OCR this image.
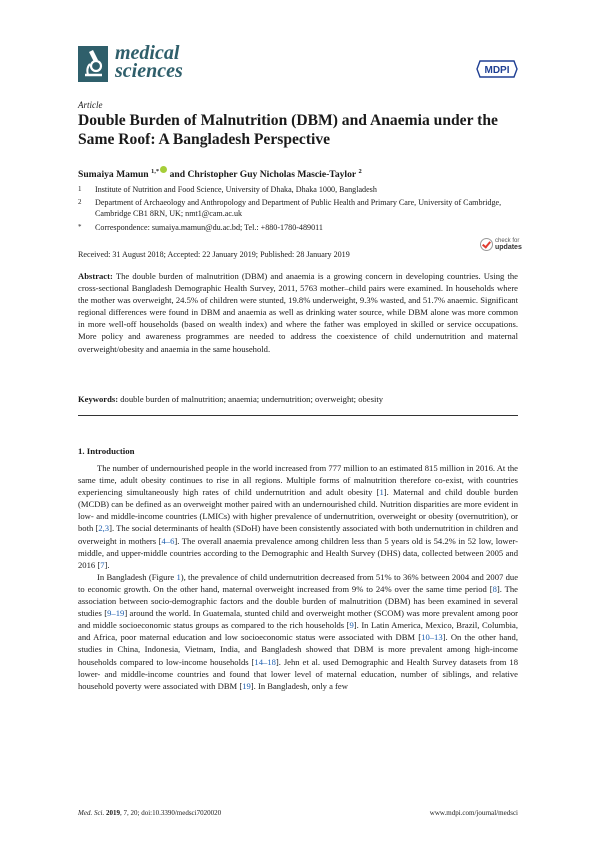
medical
sciences	MDPI
Article
Double Burden of Malnutrition (DBM) and Anaemia under the Same Roof: A Bangladesh Perspective
Sumaiya Mamun $^{1,*}$ and Christopher Guy Nicholas Mascie-Taylor $^2$
1	Institute of Nutrition and Food Science, University of Dhaka, Dhaka 1000, Bangladesh
2	Department of Archaeology and Anthropology and Department of Public Health and Primary Care, University of Cambridge, Cambridge CB1 8RN, UK; nmt1@cam.ac.uk
*	Correspondence: sumaiya.mamun@du.ac.bd; Tel.: +880-1780-489011
Received: 31 August 2018; Accepted: 22 January 2019; Published: 28 January 2019
check for
updates
Abstract: The double burden of malnutrition (DBM) and anaemia is a growing concern in developing countries. Using the cross-sectional Bangladesh Demographic Health Survey, 2011, 5763 mother–child pairs were examined. In households where the mother was overweight, 24.5% of children were stunted, 19.8% underweight, 9.3% wasted, and 51.7% anaemic. Significant regional differences were found in DBM and anaemia as well as drinking water source, while DBM alone was more common in more well-off households (based on wealth index) and where the father was employed in skilled or service occupations. More policy and awareness programmes are needed to address the coexistence of child undernutrition and maternal overweight/obesity and anaemia in the same household.
Keywords: double burden of malnutrition; anaemia; undernutrition; overweight; obesity
1. Introduction

The number of undernourished people in the world increased from 777 million to an estimated 815 million in 2016. At the same time, adult obesity continues to rise in all regions. Multiple forms of malnutrition therefore co-exist, with countries experiencing simultaneously high rates of child undernutrition and adult obesity [1]. Maternal and child double burden (MCDB) can be defined as an overweight mother paired with an undernourished child. Nutrition disparities are more evident in low- and middle-income countries (LMICs) with higher prevalence of undernutrition, overweight or obesity (overnutrition), or both [2,3]. The social determinants of health (SDoH) have been consistently associated with both undernutrition in children and overweight in mothers [4–6]. The overall anaemia prevalence among children less than 5 years old is 54.2% in 52 low, lower-middle, and upper-middle countries according to the Demographic and Health Survey (DHS) data, collected between 2005 and 2016 [7].

In Bangladesh (Figure 1), the prevalence of child undernutrition decreased from 51% to 36% between 2004 and 2007 due to economic growth. On the other hand, maternal overweight increased from 9% to 24% over the same time period [8]. The association between socio-demographic factors and the double burden of malnutrition (DBM) has been examined in several studies [9–19] around the world. In Guatemala, stunted child and overweight mother (SCOM) was more prevalent among poor and middle socioeconomic status groups as compared to the rich households [9]. In Latin America, Mexico, Brazil, Columbia, and Africa, poor maternal education and low socioeconomic status were associated with DBM [10–13]. On the other hand, studies in China, Indonesia, Vietnam, India, and Bangladesh showed that DBM is more prevalent among high-income households compared to low-income households [14–18]. Jehn et al. used Demographic and Health Survey datasets from 18 lower- and middle-income countries and found that lower level of maternal education, number of siblings, and relative household poverty were associated with DBM [19]. In Bangladesh, only a few

Med. Sci. 2019, 7, 20; doi:10.3390/medsci7020020	www.mdpi.com/journal/medsci
